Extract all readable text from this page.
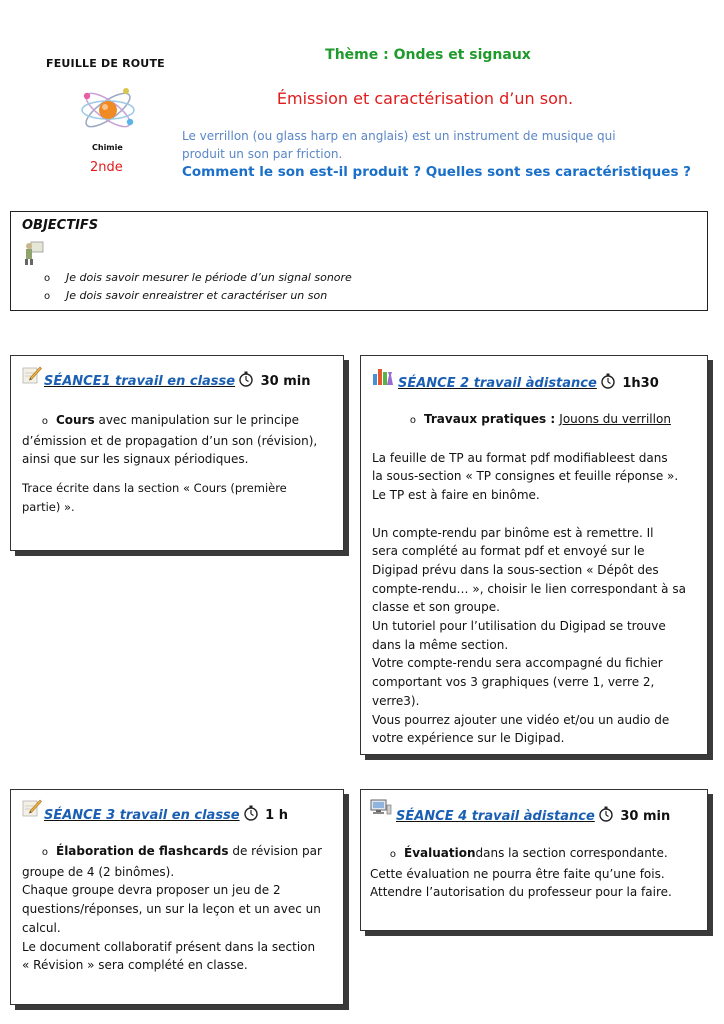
FEUILLE DE ROUTE
Chimie
2nde
Thème : Ondes et signaux
Émission et caractérisation d’un son.
Le verrillon (ou glass harp en anglais) est un instrument de musique qui produit un son par friction.
Comment le son est-il produit ? Quelles sont ses caractéristiques ?
OBJECTIFS
o Je dois savoir mesurer le période d’un signal sonore
o Je dois savoir enreaistrer et caractériser un son
SÉANCE1 travail en classe 30 min
o Cours avec manipulation sur le principe
d’émission et de propagation d’un son (révision),
ainsi que sur les signaux périodiques.
Trace écrite dans la section « Cours (première
partie) ».
SÉANCE 2 travail àdistance 1h30
o Travaux pratiques : Jouons du verrillon
La feuille de TP au format pdf modifiableest dans
la sous-section « TP consignes et feuille réponse ».
Le TP est à faire en binôme.
Un compte-rendu par binôme est à remettre. Il
sera complété au format pdf et envoyé sur le
Digipad prévu dans la sous-section « Dépôt des
compte-rendu… », choisir le lien correspondant à sa
classe et son groupe.
Un tutoriel pour l’utilisation du Digipad se trouve
dans la même section.
Votre compte-rendu sera accompagné du fichier
comportant vos 3 graphiques (verre 1, verre 2,
verre3).
Vous pourrez ajouter une vidéo et/ou un audio de
votre expérience sur le Digipad.
SÉANCE 3 travail en classe 1 h
o Élaboration de flashcards de révision par
groupe de 4 (2 binômes).
Chaque groupe devra proposer un jeu de 2
questions/réponses, un sur la leçon et un avec un
calcul.
Le document collaboratif présent dans la section
« Révision » sera complété en classe.
SÉANCE 4 travail àdistance 30 min
o Évaluationdans la section correspondante.
Cette évaluation ne pourra être faite qu’une fois.
Attendre l’autorisation du professeur pour la faire.
